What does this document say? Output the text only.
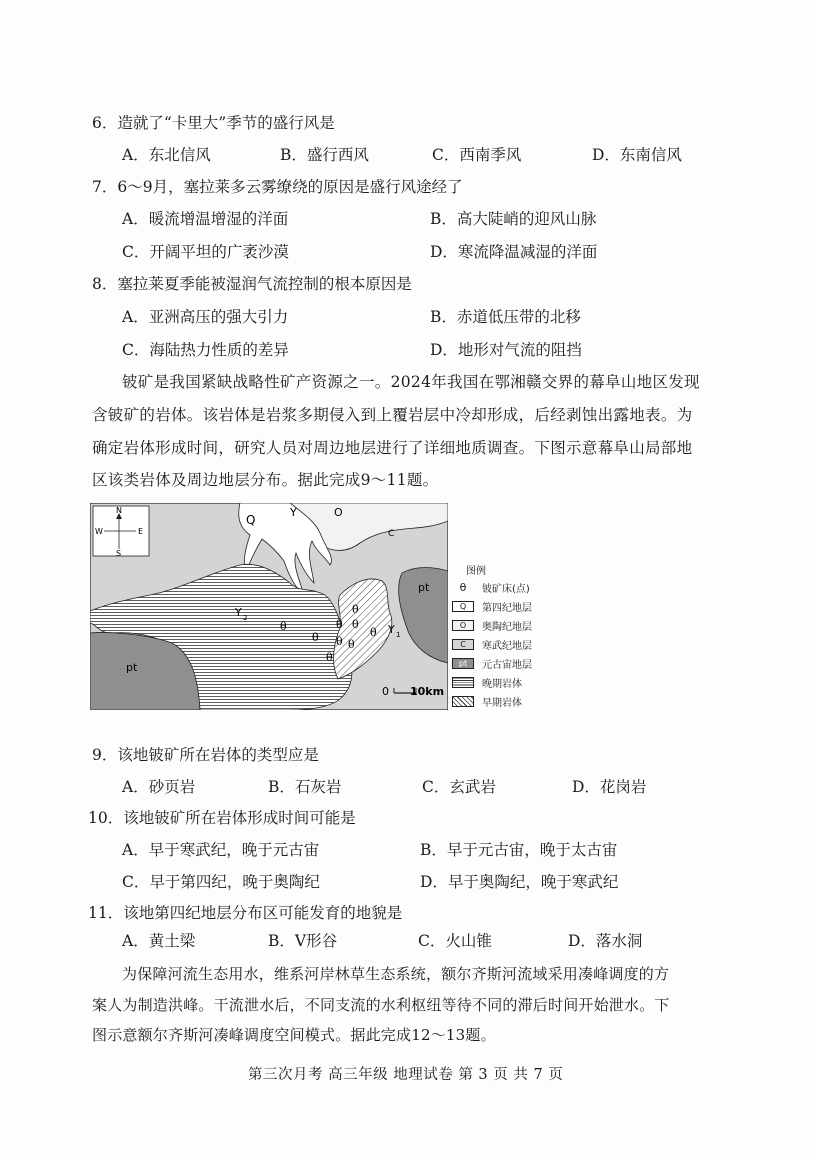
6．造就了“卡里大”季节的盛行风是
A．东北信风	B．盛行西风	C．西南季风	D．东南信风
7．6～9月，塞拉莱多云雾缭绕的原因是盛行风途经了
A．暖流增温增湿的洋面	B．高大陡峭的迎风山脉
C．开阔平坦的广袤沙漠	D．寒流降温减湿的洋面
8．塞拉莱夏季能被湿润气流控制的根本原因是
A．亚洲高压的强大引力	B．赤道低压带的北移
C．海陆热力性质的差异	D．地形对气流的阻挡
铍矿是我国紧缺战略性矿产资源之一。2024年我国在鄂湘赣交界的幕阜山地区发现
含铍矿的岩体。该岩体是岩浆多期侵入到上覆岩层中冷却形成，后经剥蚀出露地表。为
确定岩体形成时间，研究人员对周边地层进行了详细地质调查。下图示意幕阜山局部地
区该类岩体及周边地层分布。据此完成9～11题。
N
S
W	E
Q
Y	O
C
pt
pt
Y 2
Y 1
θ
θ
θ θ
θ
θ θ
θ
θ
0 10km
图例
θ	铍矿床(点)
Q	第四纪地层
O	奥陶纪地层
C	寒武纪地层
pt	元古宙地层
晚期岩体
早期岩体
9．该地铍矿所在岩体的类型应是
A．砂页岩	B．石灰岩	C．玄武岩	D．花岗岩
10．该地铍矿所在岩体形成时间可能是
A．早于寒武纪，晚于元古宙	B．早于元古宙，晚于太古宙
C．早于第四纪，晚于奥陶纪	D．早于奥陶纪，晚于寒武纪
11．该地第四纪地层分布区可能发育的地貌是
A．黄土梁	B．V形谷	C．火山锥	D．落水洞
为保障河流生态用水，维系河岸林草生态系统，额尔齐斯河流域采用凑峰调度的方
案人为制造洪峰。干流泄水后，不同支流的水利枢纽等待不同的滞后时间开始泄水。下
图示意额尔齐斯河凑峰调度空间模式。据此完成12～13题。
第三次月考 高三年级 地理试卷 第 3 页 共 7 页
